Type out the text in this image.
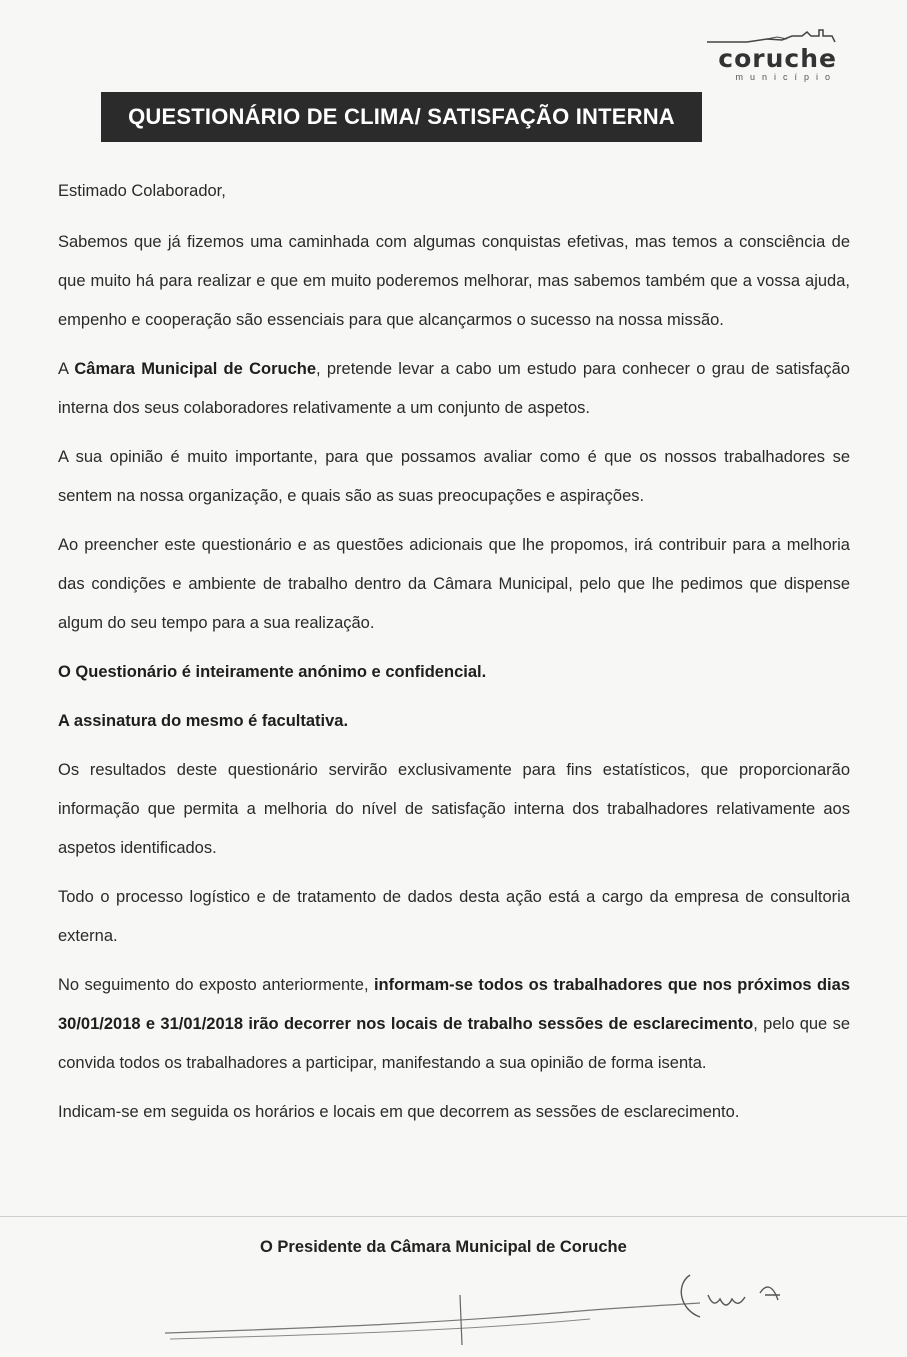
coruche
município
QUESTIONÁRIO DE CLIMA/ SATISFAÇÃO INTERNA

Estimado Colaborador,

Sabemos que já fizemos uma caminhada com algumas conquistas efetivas, mas temos a consciência de que muito há para realizar e que em muito poderemos melhorar, mas sabemos também que a vossa ajuda, empenho e cooperação são essenciais para que alcançarmos o sucesso na nossa missão.

A Câmara Municipal de Coruche, pretende levar a cabo um estudo para conhecer o grau de satisfação interna dos seus colaboradores relativamente a um conjunto de aspetos.

A sua opinião é muito importante, para que possamos avaliar como é que os nossos trabalhadores se sentem na nossa organização, e quais são as suas preocupações e aspirações.

Ao preencher este questionário e as questões adicionais que lhe propomos, irá contribuir para a melhoria das condições e ambiente de trabalho dentro da Câmara Municipal, pelo que lhe pedimos que dispense algum do seu tempo para a sua realização.

O Questionário é inteiramente anónimo e confidencial.

A assinatura do mesmo é facultativa.

Os resultados deste questionário servirão exclusivamente para fins estatísticos, que proporcionarão informação que permita a melhoria do nível de satisfação interna dos trabalhadores relativamente aos aspetos identificados.

Todo o processo logístico e de tratamento de dados desta ação está a cargo da empresa de consultoria externa.

No seguimento do exposto anteriormente, informam-se todos os trabalhadores que nos próximos dias 30/01/2018 e 31/01/2018 irão decorrer nos locais de trabalho sessões de esclarecimento, pelo que se convida todos os trabalhadores a participar, manifestando a sua opinião de forma isenta.

Indicam-se em seguida os horários e locais em que decorrem as sessões de esclarecimento.

O Presidente da Câmara Municipal de Coruche
